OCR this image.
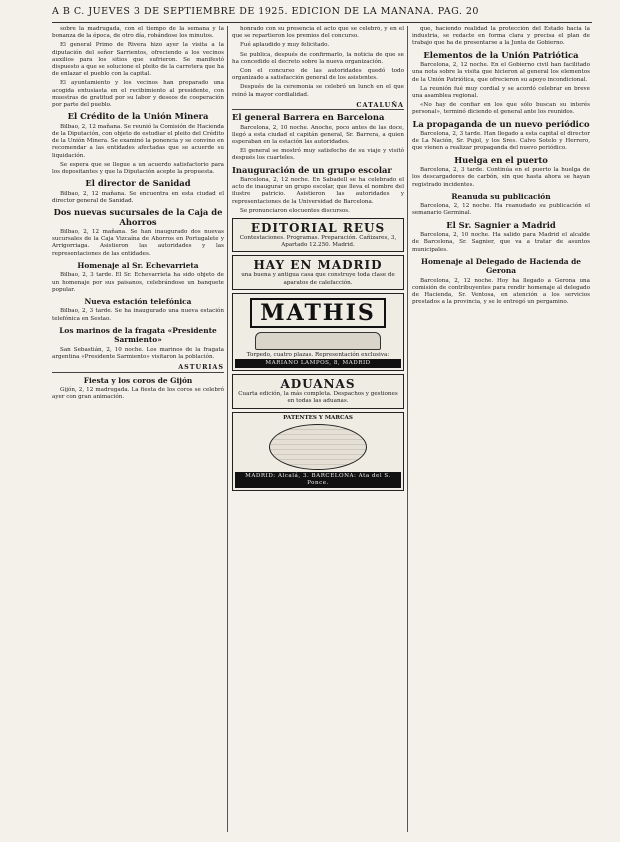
A B C. JUEVES 3 DE SEPTIEMBRE DE 1925. EDICION DE LA MAÑANA. PAG. 20

sobre la madrugada, con el tiempo de la semana y la bonanza de la época, de otro día, robándose los minutos.

El general Primo de Rivera hizo ayer la visita a la diputación del señor Sarrientos, ofreciendo a los vecinos auxilios para los sitios que sufrieron. Se manifestó dispuesto a que se solucione el pleito de la carretera que ha de enlazar el pueblo con la capital.

El ayuntamiento y los vecinos han preparado una acogida entusiasta en el recibimiento al presidente, con muestras de gratitud por su labor y deseos de cooperación por parte del pueblo.

El Crédito de la Unión Minera

Bilbao, 2, 12 mañana. Se reunió la Comisión de Hacienda de la Diputación, con objeto de estudiar el pleito del Crédito de la Unión Minera. Se examinó la ponencia y se convino en recomendar a las entidades afectadas que se acuerde su liquidación.

Se espera que se llegue a un acuerdo satisfactorio para los depositantes y que la Diputación acepte la propuesta.

El director de Sanidad

Bilbao, 2, 12 mañana. Se encuentra en esta ciudad el director general de Sanidad.

Dos nuevas sucursales de la Caja de Ahorros

Bilbao, 2, 12 mañana. Se han inaugurado dos nuevas sucursales de la Caja Vizcaína de Ahorros en Portugalete y Arrigorriaga. Asistieron las autoridades y las representaciones de las entidades.

Homenaje al Sr. Echevarrieta

Bilbao, 2, 3 tarde. El Sr. Echevarrieta ha sido objeto de un homenaje por sus paisanos, celebrándose un banquete popular.

Nueva estación telefónica

Bilbao, 2, 3 tarde. Se ha inaugurado una nueva estación telefónica en Sestao.

Los marinos de la fragata «Presidente Sarmiento»

San Sebastián, 2, 10 noche. Los marinos de la fragata argentina «Presidente Sarmiento» visitaron la población.

ASTURIAS
Fiesta y los coros de Gijón

Gijón, 2, 12 madrugada. La fiesta de los coros se celebró ayer con gran animación.

honrado con su presencia el acto que se celebró, y en el que se repartieron los premios del concurso.

Fué aplaudido y muy felicitado.

Se publica, después de confirmarlo, la noticia de que se ha concedido el decreto sobre la nueva organización.

Con el concurso de las autoridades quedó todo organizado a satisfacción general de los asistentes.

Después de la ceremonia se celebró un lunch en el que reinó la mayor cordialidad.

CATALUÑA
El general Barrera en Barcelona

Barcelona, 2, 10 noche. Anoche, poco antes de las doce, llegó a esta ciudad el capitán general, Sr. Barrera, a quien esperaban en la estación las autoridades.

El general se mostró muy satisfecho de su viaje y visitó después los cuarteles.

Inauguración de un grupo escolar

Barcelona, 2, 12 noche. En Sabadell se ha celebrado el acto de inaugurar un grupo escolar, que lleva el nombre del ilustre patricio. Asistieron las autoridades y representaciones de la Universidad de Barcelona.

Se pronunciaron elocuentes discursos.

EDITORIAL REUS
Contestaciones. Programas. Preparación. Cañizares, 3, Apartado 12.250. Madrid.
HAY EN MADRID
una buena y antigua casa que construye toda clase de aparatos de calefacción.
MATHIS
Torpedo, cuatro plazas. Representación exclusiva:
MARIANO LAMPOS, 8, MADRID
ADUANAS
Cuarta edición, la más completa. Despachos y gestiones en todas las aduanas.
PATENTES Y MARCAS
MADRID: Alcalá, 3. BARCELONA: Ata del S. Ponce.

que, haciendo realidad la protección del Estado hacia la industria, se redacte en forma clara y precisa el plan de trabajo que ha de presentarse a la Junta de Gobierno.

Elementos de la Unión Patriótica

Barcelona, 2, 12 noche. En el Gobierno civil han facilitado una nota sobre la visita que hicieron al general los elementos de la Unión Patriótica, que ofrecieron su apoyo incondicional.

La reunión fué muy cordial y se acordó celebrar en breve una asamblea regional.

«No hay de confiar en los que sólo buscan su interés personal», terminó diciendo el general ante los reunidos.

La propaganda de un nuevo periódico

Barcelona, 2, 3 tarde. Han llegado a esta capital el director de La Nación, Sr. Pujol, y los Sres. Calvo Sotelo y Herrero, que vienen a realizar propaganda del nuevo periódico.

Huelga en el puerto

Barcelona, 2, 3 tarde. Continúa en el puerto la huelga de los descargadores de carbón, sin que hasta ahora se hayan registrado incidentes.

Reanuda su publicación

Barcelona, 2, 12 noche. Ha reanudado su publicación el semanario Germinal.

El Sr. Sagnier a Madrid

Barcelona, 2, 10 noche. Ha salido para Madrid el alcalde de Barcelona, Sr. Sagnier, que va a tratar de asuntos municipales.

Homenaje al Delegado de Hacienda de Gerona

Barcelona, 2, 12 noche. Hoy ha llegado a Gerona una comisión de contribuyentes para rendir homenaje al delegado de Hacienda, Sr. Ventosa, en atención a los servicios prestados a la provincia, y se le entregó un pergamino.
